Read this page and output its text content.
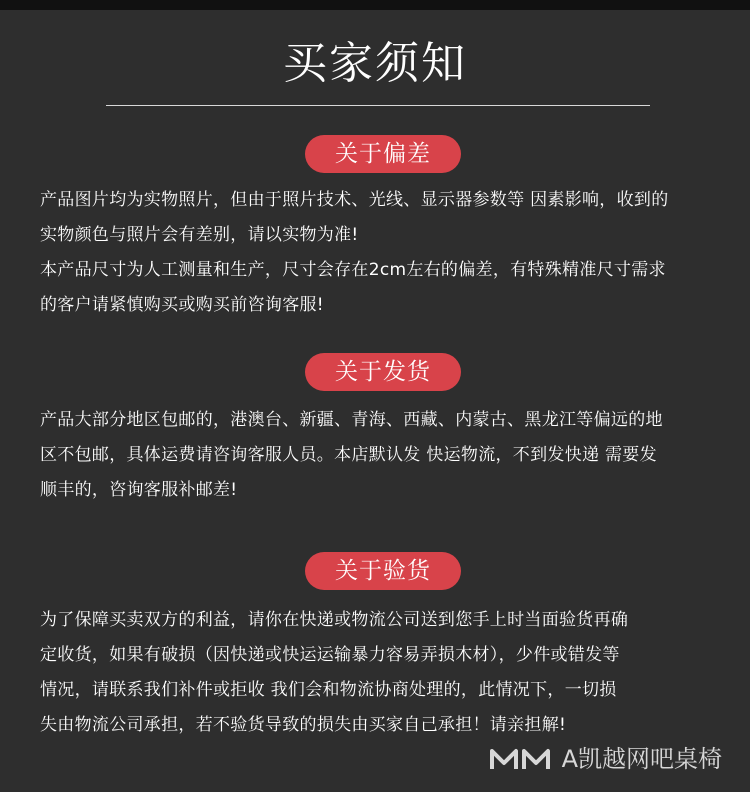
买家须知
关于偏差

产品图片均为实物照片，但由于照片技术、光线、显示器参数等 因素影响，收到的

实物颜色与照片会有差别，请以实物为准!

本产品尺寸为人工测量和生产，尺寸会存在2cm左右的偏差，有特殊精准尺寸需求

的客户请紧慎购买或购买前咨询客服!

关于发货

产品大部分地区包邮的，港澳台、新疆、青海、西藏、内蒙古、黑龙江等偏远的地

区不包邮，具体运费请咨询客服人员。本店默认发 快运物流，不到发快递 需要发

顺丰的，咨询客服补邮差!

关于验货

为了保障买卖双方的利益，请你在快递或物流公司送到您手上时当面验货再确

定收货，如果有破损（因快递或快运运输暴力容易弄损木材），少件或错发等

情况，请联系我们补件或拒收 我们会和物流协商处理的，此情况下，一切损

失由物流公司承担，若不验货导致的损失由买家自己承担！请亲担解!

A凯越网吧桌椅
